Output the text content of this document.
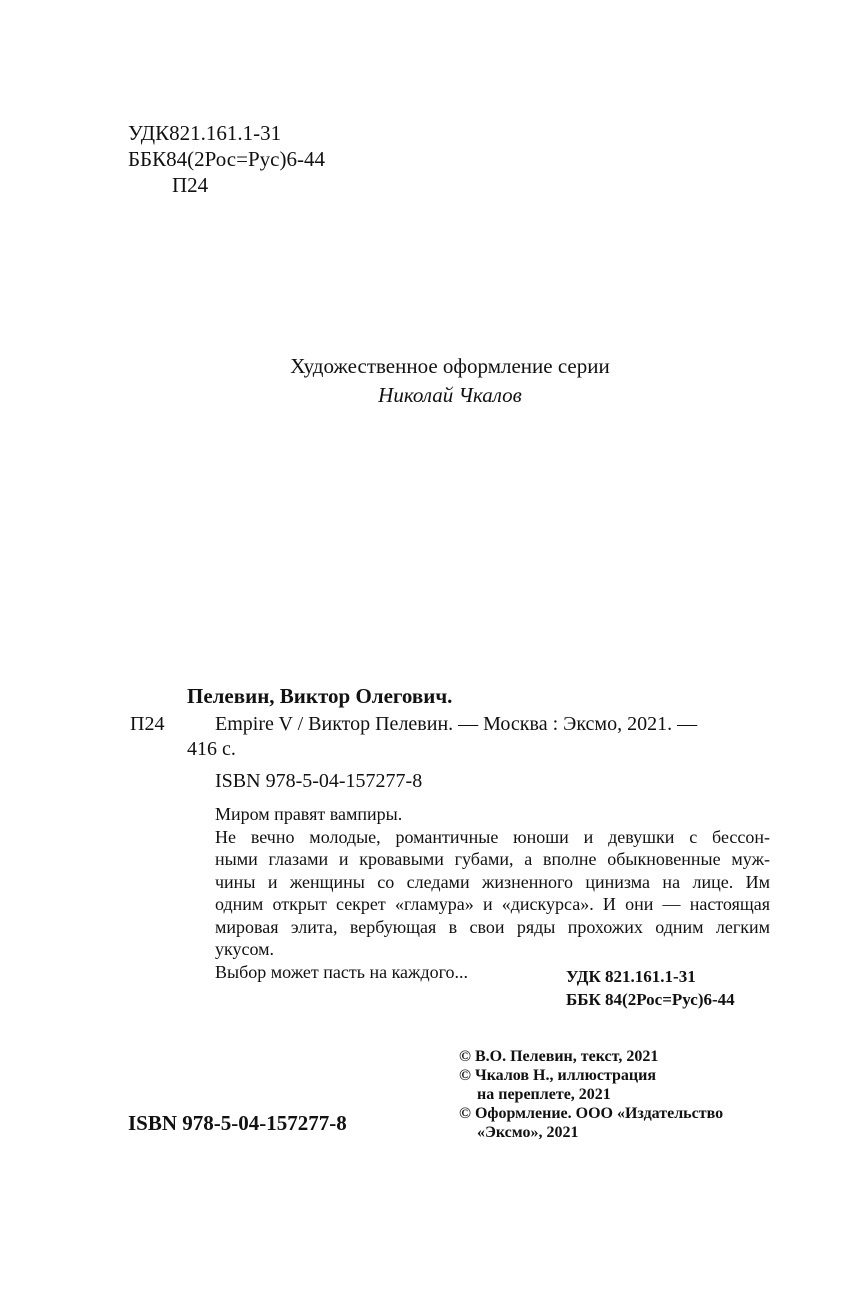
УДК821.161.1-31
ББК84(2Рос=Рус)6-44
П24
Художественное оформление серии
Николай Чкалов
Пелевин, Виктор Олегович.
П24	Empire V / Виктор Пелевин. — Москва : Эксмо, 2021. —
416 с.
ISBN 978-5-04-157277-8

Миром правят вампиры.

Не вечно молодые, романтичные юноши и девушки с бессон-

ными глазами и кровавыми губами, а вполне обыкновенные муж-

чины и женщины со следами жизненного цинизма на лице. Им

одним открыт секрет «гламура» и «дискурса». И они — настоящая

мировая элита, вербующая в свои ряды прохожих одним легким

укусом.

Выбор может пасть на каждого...	УДК 821.161.1-31
ББК 84(2Рос=Рус)6-44
© В.О. Пелевин, текст, 2021
© Чкалов Н., иллюстрация
на переплете, 2021
© Оформление. ООО «Издательство
«Эксмо», 2021
ISBN 978-5-04-157277-8
